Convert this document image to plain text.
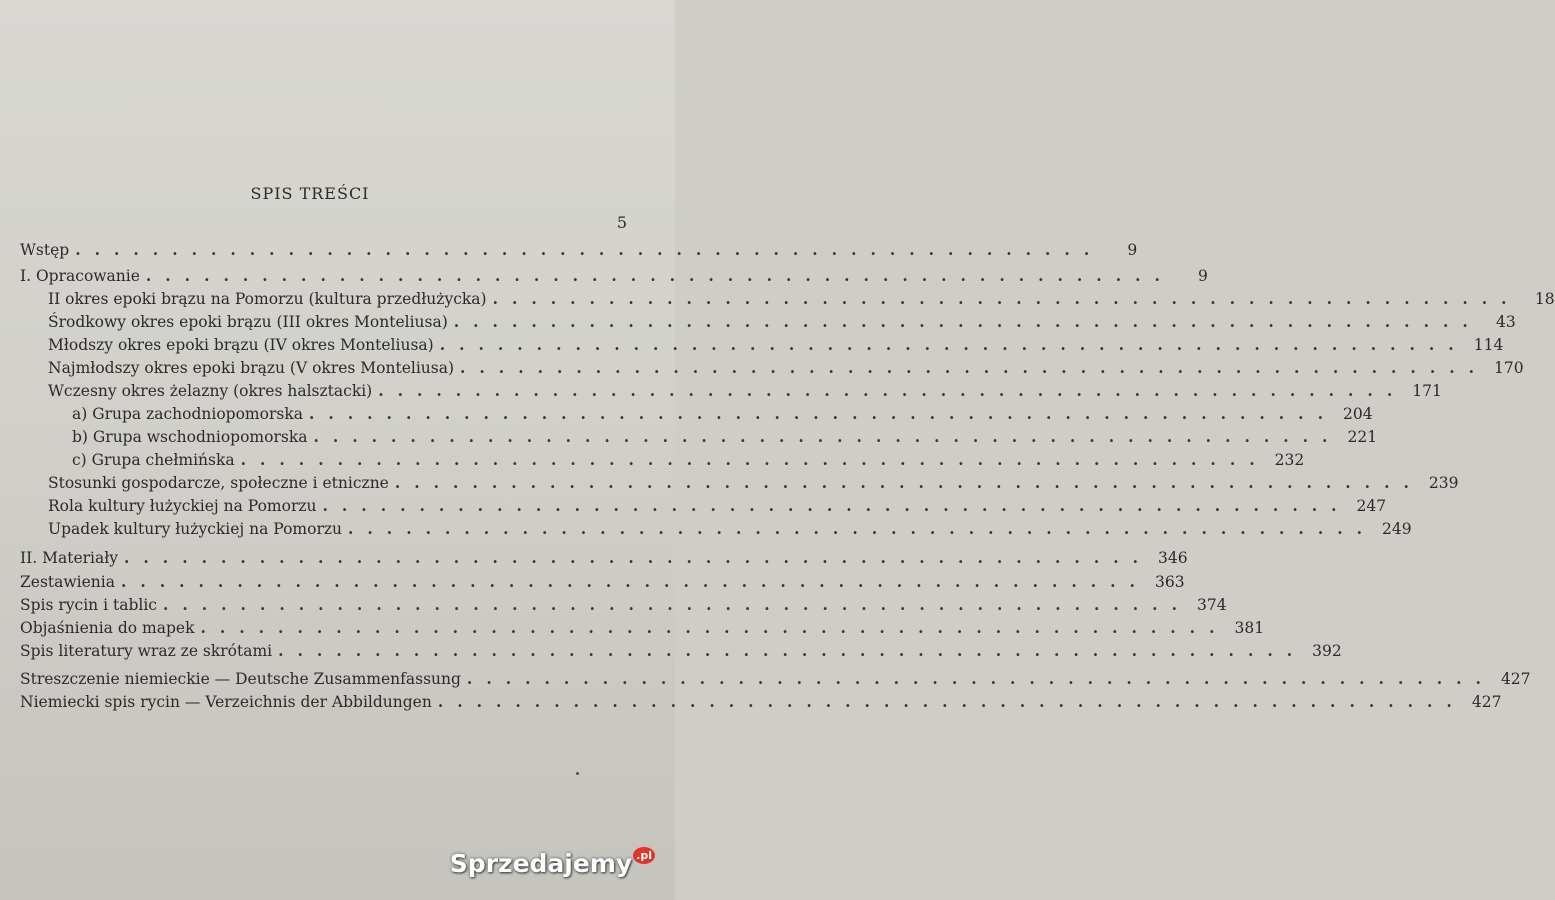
SPIS TREŚCI
5
Wstęp .....................................................	9
I. Opracowanie .....................................................	9
II okres epoki brązu na Pomorzu (kultura przedłużycka) ..................................................... 18
Środkowy okres epoki brązu (III okres Monteliusa) ..................................................... 43
Młodszy okres epoki brązu (IV okres Monteliusa) ..................................................... 114
Najmłodszy okres epoki brązu (V okres Monteliusa) ..................................................... 170
Wczesny okres żelazny (okres halsztacki) ..................................................... 171
a) Grupa zachodniopomorska ..................................................... 204
b) Grupa wschodniopomorska ..................................................... 221
c) Grupa chełmińska ..................................................... 232
Stosunki gospodarcze, społeczne i etniczne ..................................................... 239
Rola kultury łużyckiej na Pomorzu ..................................................... 247
Upadek kultury łużyckiej na Pomorzu ..................................................... 249
II. Materiały ..................................................... 346
Zestawienia ..................................................... 363
Spis rycin i tablic ..................................................... 374
Objaśnienia do mapek ..................................................... 381
Spis literatury wraz ze skrótami ..................................................... 392
Streszczenie niemieckie — Deutsche Zusammenfassung ..................................................... 427
Niemiecki spis rycin — Verzeichnis der Abbildungen ..................................................... 427
Sprzedajemy .pl
